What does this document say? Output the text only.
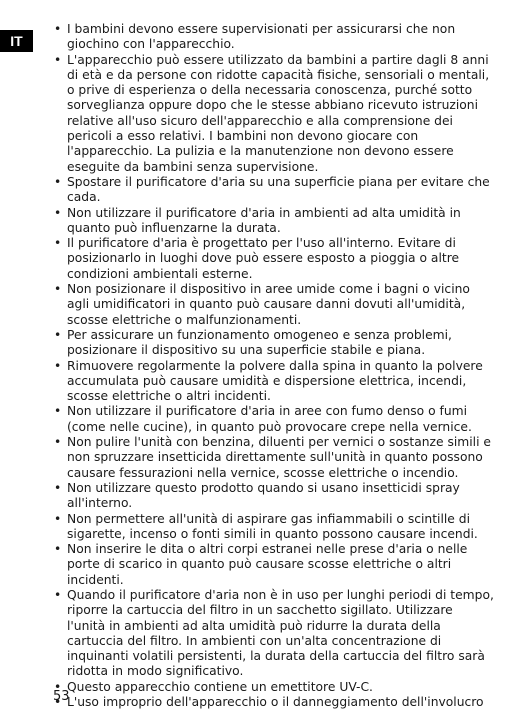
IT
• I bambini devono essere supervisionati per assicurarsi che non giochino con l'apparecchio.
• L'apparecchio può essere utilizzato da bambini a partire dagli 8 anni di età e da persone con ridotte capacità fisiche, sensoriali o mentali, o prive di esperienza o della necessaria conoscenza, purché sotto sorveglianza oppure dopo che le stesse abbiano ricevuto istruzioni relative all'uso sicuro dell'apparecchio e alla comprensione dei pericoli a esso relativi. I bambini non devono giocare con l'apparecchio. La pulizia e la manutenzione non devono essere eseguite da bambini senza supervisione.
• Spostare il purificatore d'aria su una superficie piana per evitare che cada.
• Non utilizzare il purificatore d'aria in ambienti ad alta umidità in quanto può influenzarne la durata.
• Il purificatore d'aria è progettato per l'uso all'interno. Evitare di posizionarlo in luoghi dove può essere esposto a pioggia o altre condizioni ambientali esterne.
• Non posizionare il dispositivo in aree umide come i bagni o vicino agli umidificatori in quanto può causare danni dovuti all'umidità, scosse elettriche o malfunzionamenti.
• Per assicurare un funzionamento omogeneo e senza problemi, posizionare il dispositivo su una superficie stabile e piana.
• Rimuovere regolarmente la polvere dalla spina in quanto la polvere accumulata può causare umidità e dispersione elettrica, incendi, scosse elettriche o altri incidenti.
• Non utilizzare il purificatore d'aria in aree con fumo denso o fumi (come nelle cucine), in quanto può provocare crepe nella vernice.
• Non pulire l'unità con benzina, diluenti per vernici o sostanze simili e non spruzzare insetticida direttamente sull'unità in quanto possono causare fessurazioni nella vernice, scosse elettriche o incendio.
• Non utilizzare questo prodotto quando si usano insetticidi spray all'interno.
• Non permettere all'unità di aspirare gas infiammabili o scintille di sigarette, incenso o fonti simili in quanto possono causare incendi.
• Non inserire le dita o altri corpi estranei nelle prese d'aria o nelle porte di scarico in quanto può causare scosse elettriche o altri incidenti.
• Quando il purificatore d'aria non è in uso per lunghi periodi di tempo, riporre la cartuccia del filtro in un sacchetto sigillato. Utilizzare l'unità in ambienti ad alta umidità può ridurre la durata della cartuccia del filtro. In ambienti con un'alta concentrazione di inquinanti volatili persistenti, la durata della cartuccia del filtro sarà ridotta in modo significativo.
• Questo apparecchio contiene un emettitore UV-C.
• L'uso improprio dell'apparecchio o il danneggiamento dell'involucro
53
